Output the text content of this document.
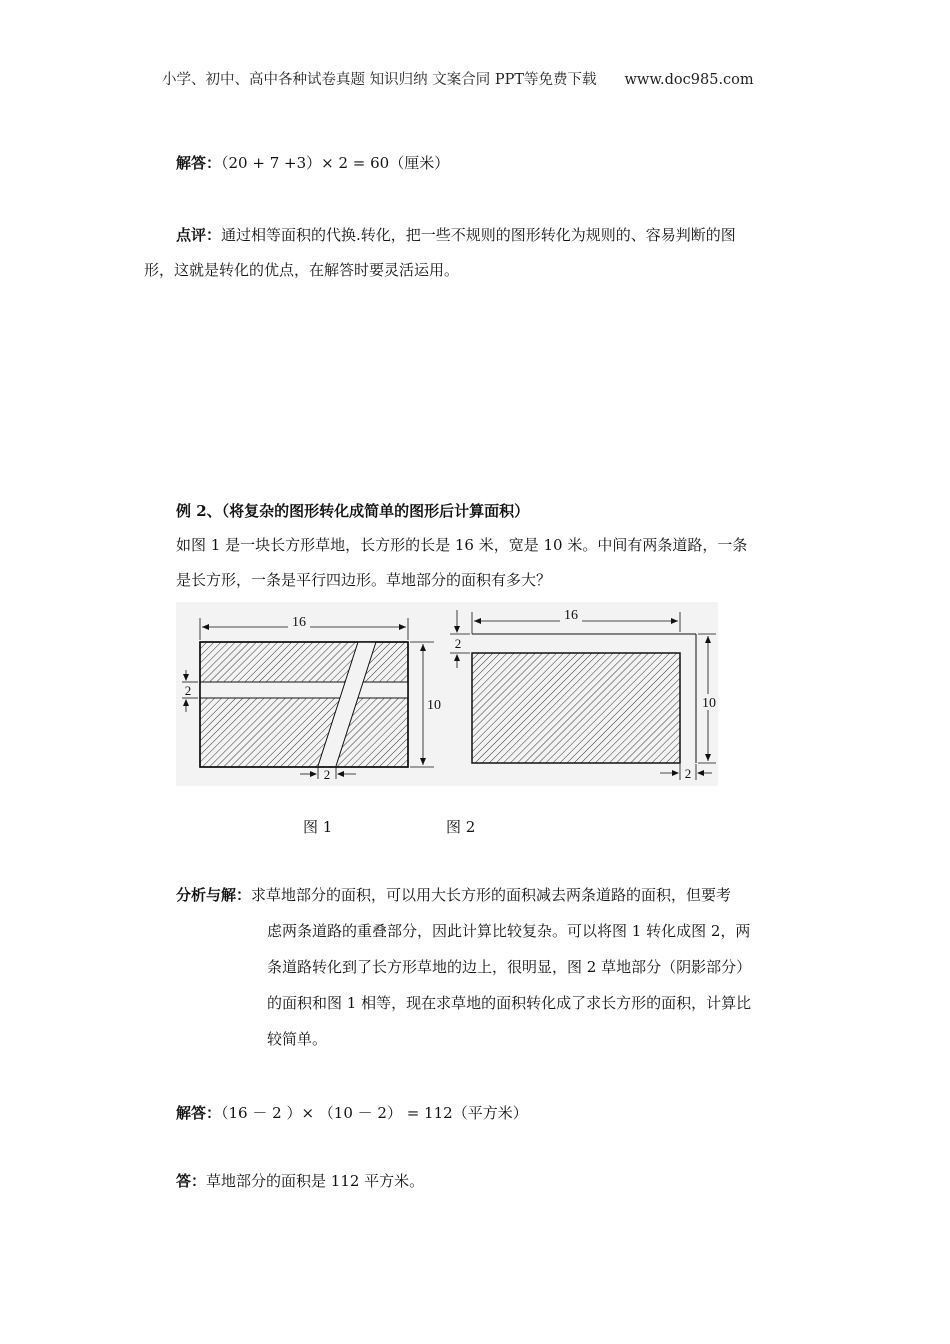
小学、初中、高中各种试卷真题 知识归纳 文案合同 PPT等免费下载 www.doc985.com
解答：（20 + 7 +3）× 2 = 60（厘米）
点评：通过相等面积的代换.转化，把一些不规则的图形转化为规则的、容易判断的图
形，这就是转化的优点，在解答时要灵活运用。
例 2、（将复杂的图形转化成简单的图形后计算面积）
如图 1 是一块长方形草地，长方形的长是 16 米，宽是 10 米。中间有两条道路，一条
是长方形，一条是平行四边形。草地部分的面积有多大？
16
2
10
2
16
2
10
2
图 1	图 2
分析与解：求草地部分的面积，可以用大长方形的面积减去两条道路的面积，但要考
虑两条道路的重叠部分，因此计算比较复杂。可以将图 1 转化成图 2，两
条道路转化到了长方形草地的边上，很明显，图 2 草地部分（阴影部分）
的面积和图 1 相等，现在求草地的面积转化成了求长方形的面积，计算比
较简单。
解答：（16 － 2 ）× （10 － 2） = 112（平方米）
答：草地部分的面积是 112 平方米。
